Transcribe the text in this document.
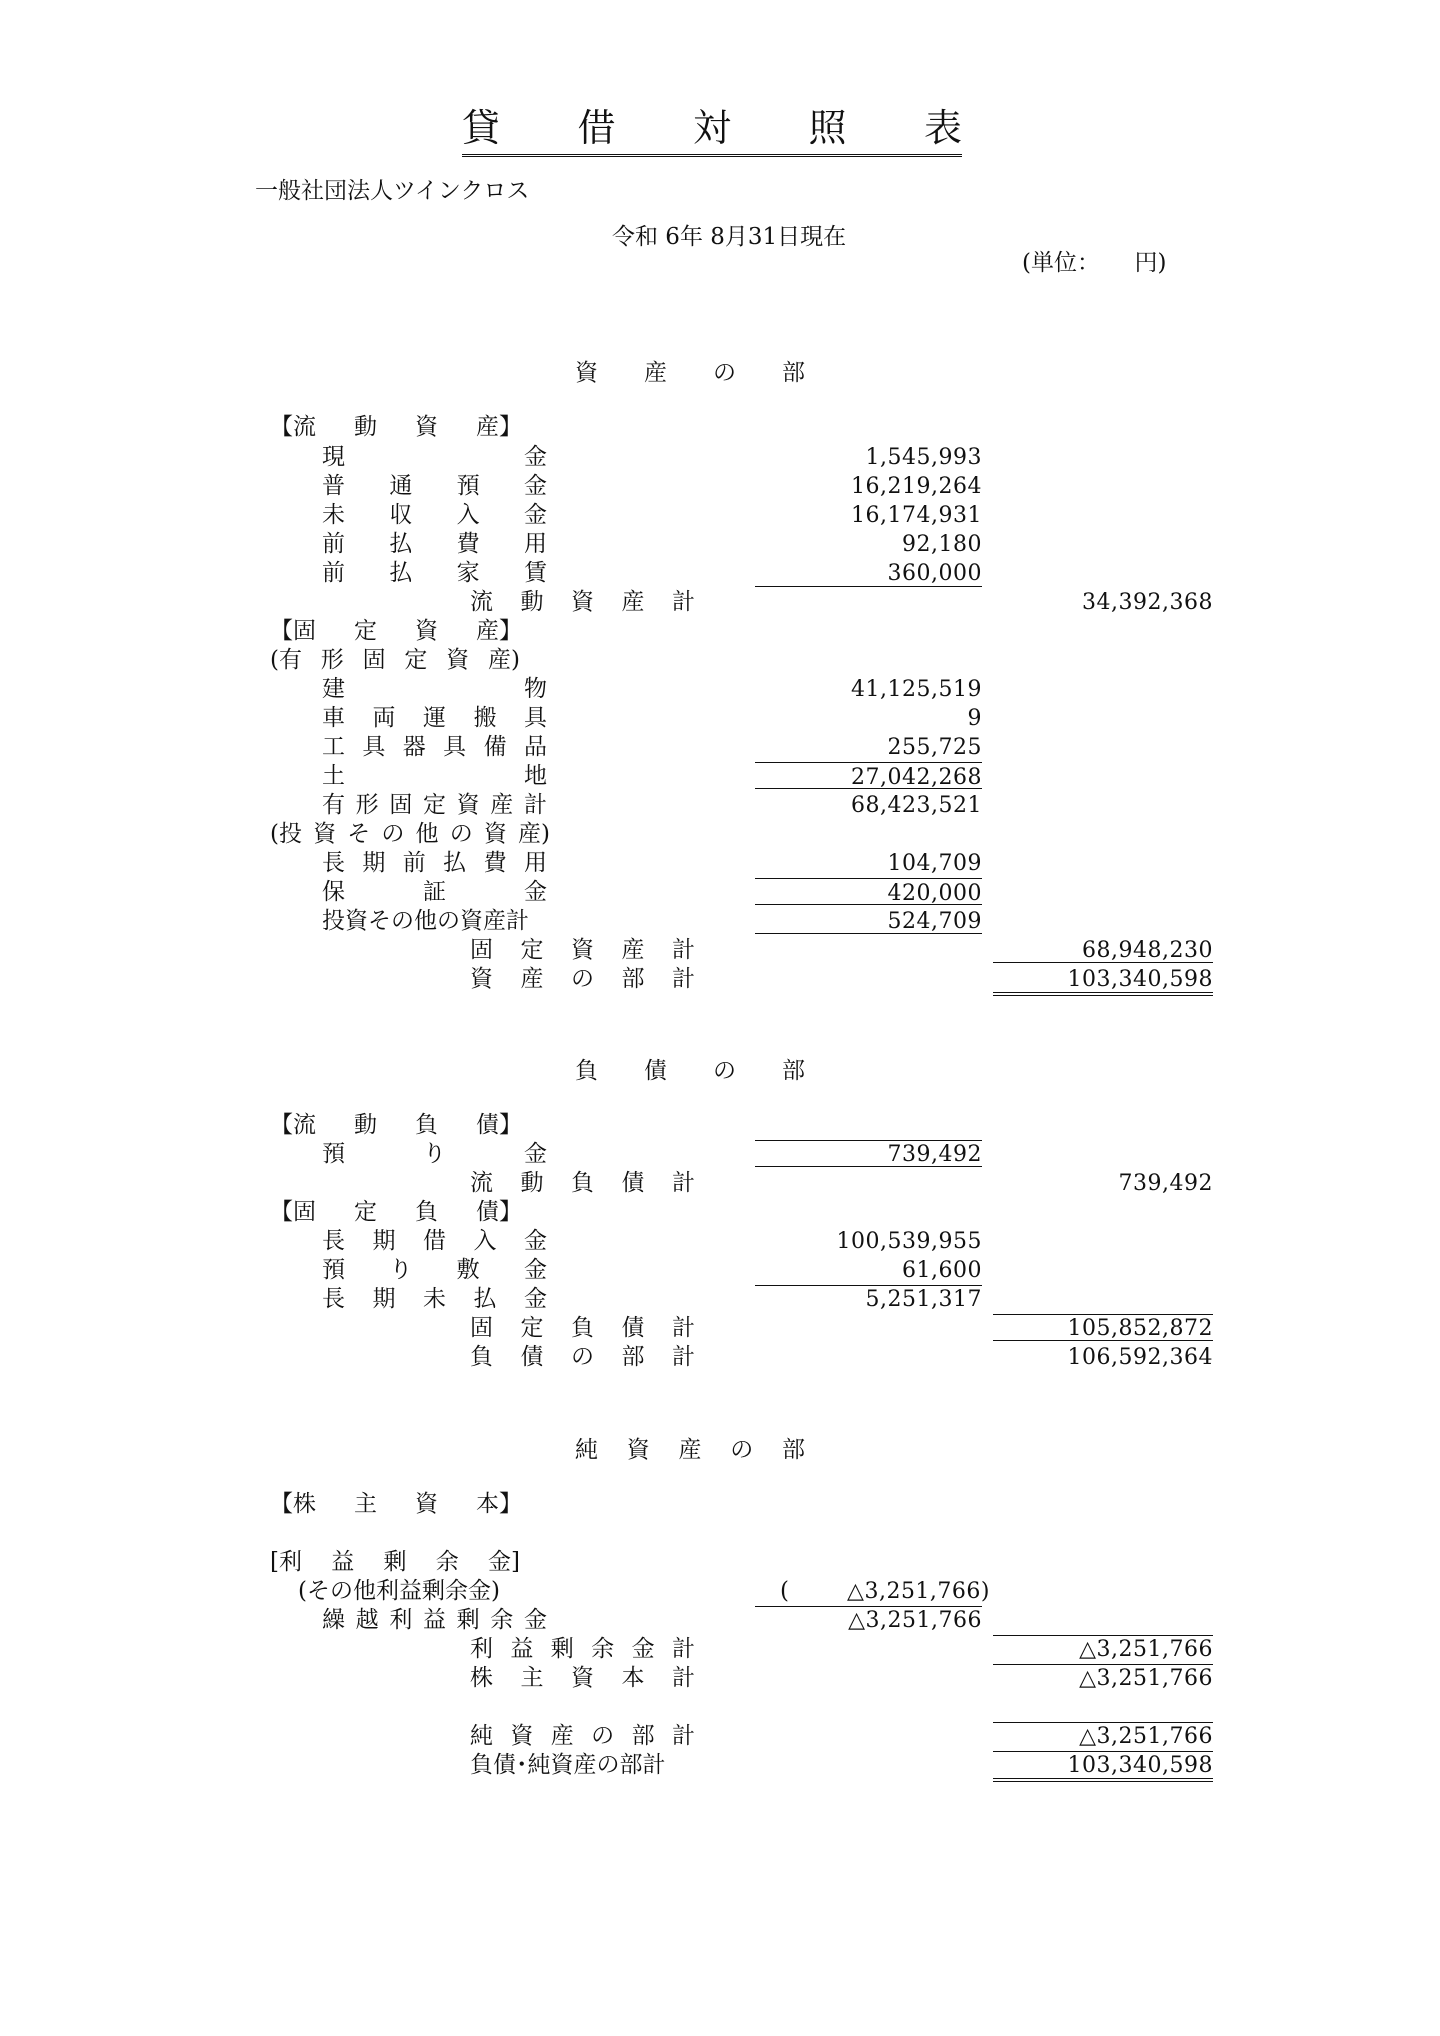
貸 借 対 照 表
一般社団法人ツインクロス
令和 6年 8月31日現在
(単位：　　円)
資 産 の 部
負 債 の 部
純 資 産 の 部
【流 動 資 産】
現	金	1,545,993
普 通 預 金	16,219,264
未 収 入 金	16,174,931
前 払 費 用	92,180
前 払 家 賃	360,000
流 動 資 産 計	34,392,368
【固 定 資 産】
(有 形 固 定 資 産)
建	物	41,125,519
車 両 運 搬 具	9
工 具 器 具 備 品	255,725
土	地	27,042,268
有 形 固 定 資 産 計	68,423,521
(投 資 そ の 他 の 資 産)
長 期 前 払 費 用	104,709
保	証	金	420,000
投資その他の資産計	524,709
固 定 資 産 計	68,948,230
資 産 の 部 計	103,340,598
【流 動 負 債】
預	り	金	739,492
流 動 負 債 計	739,492
【固 定 負 債】
長 期 借 入 金	100,539,955
預 り 敷 金	61,600
長 期 未 払 金	5,251,317
固 定 負 債 計	105,852,872
負 債 の 部 計	106,592,364
【株 主 資 本】
[利 益 剰 余 金]
(その他利益剰余金)	(	△3,251,766)
繰 越 利 益 剰 余 金	△3,251,766
利 益 剰 余 金 計	△3,251,766
株 主 資 本 計	△3,251,766
純 資 産 の 部 計	△3,251,766
負債･純資産の部計	103,340,598
